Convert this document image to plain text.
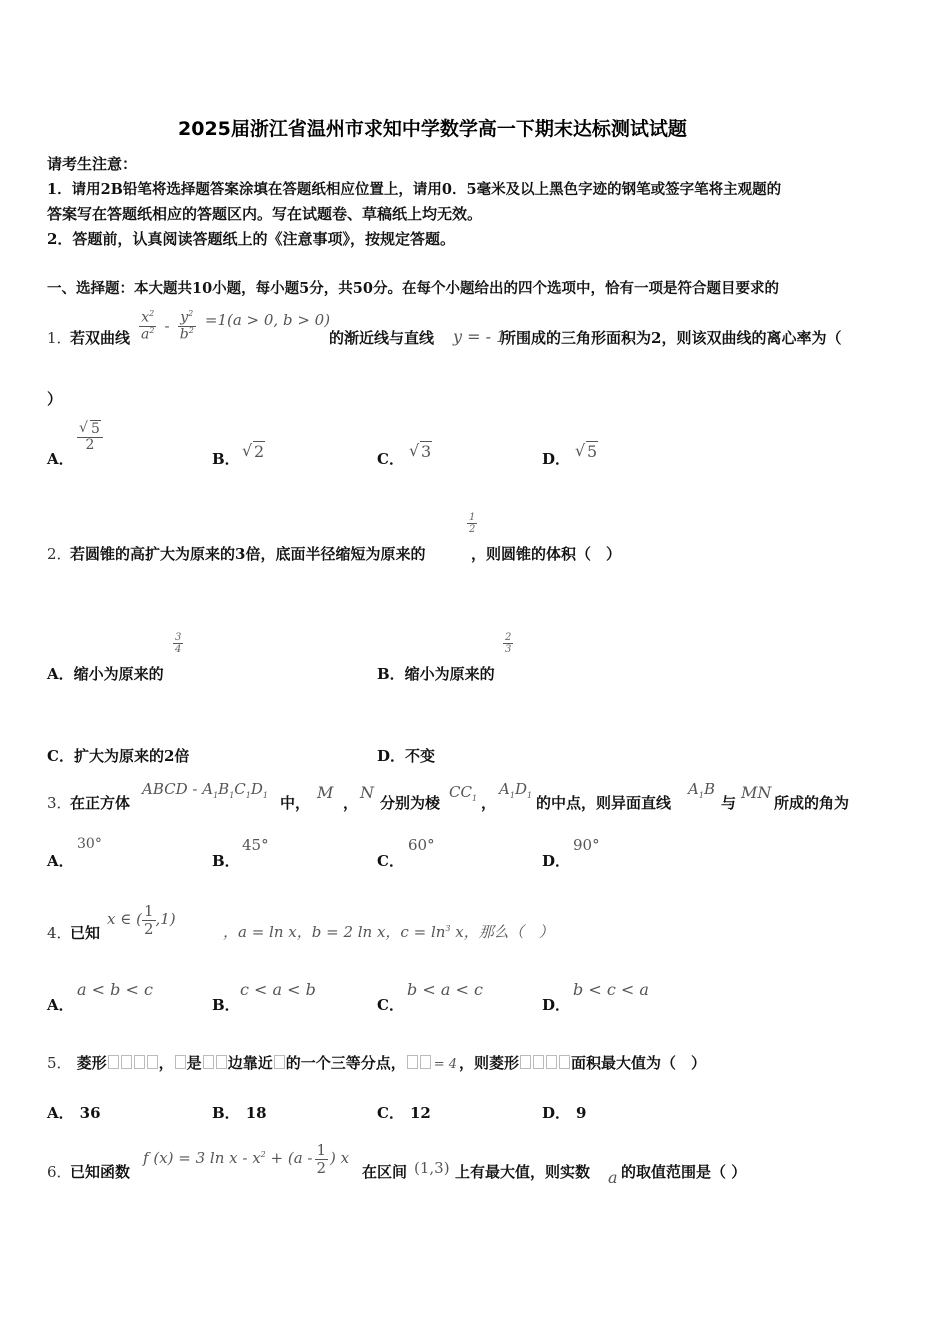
2025届浙江省温州市求知中学数学高一下期末达标测试试题
请考生注意：
1．请用2B铅笔将选择题答案涂填在答题纸相应位置上，请用0．5毫米及以上黑色字迹的钢笔或签字笔将主观题的
答案写在答题纸相应的答题区内。写在试题卷、草稿纸上均无效。
2．答题前，认真阅读答题纸上的《注意事项》，按规定答题。
一、选择题：本大题共10小题，每小题5分，共50分。在每个小题给出的四个选项中，恰有一项是符合题目要求的
1．
若双曲线 $\frac{x^2}{a^2} - \frac{y^2}{b^2} =1(a > 0$, b > 0)
的渐近线与直线 y = - 1
所围成的三角形面积为2，则该双曲线的离心率为（
）
A．
√ $\frac{5}{2}$
B． √ 2	C．	√ 3	D．	√ 5
2．
若圆锥的高扩大为原来的3倍，底面半径缩短为原来的
$\frac{1}{2}$
，则圆锥的体积（　）
A．缩小为原来的
$\frac{3}{4}$
B．缩小为原来的
$\frac{2}{3}$
C．扩大为原来的2倍	D．不变
3．
在正方体
ABCD - $A_1B_1C_1D_1$ 中，
M
，
N
分别为棱
$CC_1$ ，
$A_1D_1$ 的中点，则异面直线
$A_1B$
与
MN
所成的角为
A．
30°
B．
45°
C．
60°
D．
90°
4．
已知
x ∈ ( $\frac{1}{2} ,1$)
，a = ln x，b = 2 ln x，$c = \ln^3 x$，那么（　）
A．
a < b < c
B．
c < a < b
C．
b < a < c
D．
b < c < a
5． 菱形	， 是 边靠近 的一个三等分点， = 4 ，则菱形	面积最大值为（　）
A． 36	B． 18	C． 12	D． 9
6．
已知函数
f (x) = 3 $\ln x - x^2 + (a - \frac{1}{2}$ ) x
在区间 (1,3) 上有最大值，则实数 a 的取值范围是（ ）
